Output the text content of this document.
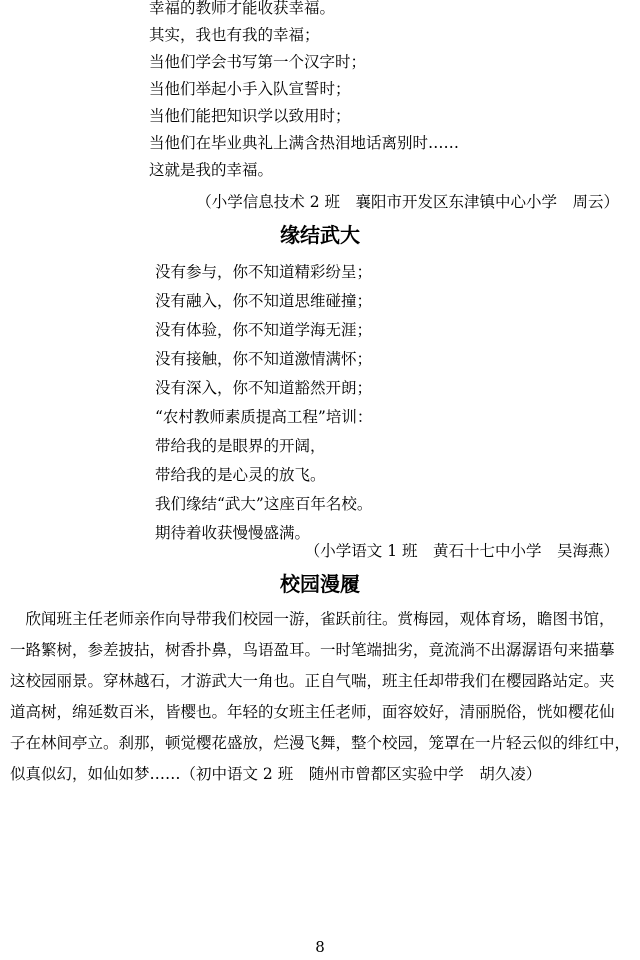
幸福的教师才能收获幸福。
其实，我也有我的幸福；
当他们学会书写第一个汉字时；
当他们举起小手入队宣誓时；
当他们能把知识学以致用时；
当他们在毕业典礼上满含热泪地话离别时……
这就是我的幸福。
（小学信息技术 2 班　襄阳市开发区东津镇中心小学　周云）
缘结武大
没有参与，你不知道精彩纷呈；
没有融入，你不知道思维碰撞；
没有体验，你不知道学海无涯；
没有接触，你不知道激情满怀；
没有深入，你不知道豁然开朗；
“农村教师素质提高工程”培训：
带给我的是眼界的开阔，
带给我的是心灵的放飞。
我们缘结“武大”这座百年名校。
期待着收获慢慢盛满。
（小学语文 1 班　黄石十七中小学　吴海燕）
校园漫履
　欣闻班主任老师亲作向导带我们校园一游，雀跃前往。赏梅园，观体育场，瞻图书馆，
一路繁树，参差披拈，树香扑鼻，鸟语盈耳。一时笔端拙劣，竟流淌不出潺潺语句来描摹
这校园丽景。穿林越石，才游武大一角也。正自气喘，班主任却带我们在樱园路站定。夹
道高树，绵延数百米，皆樱也。年轻的女班主任老师，面容姣好，清丽脱俗，恍如樱花仙
子在林间亭立。刹那，顿觉樱花盛放，烂漫飞舞，整个校园，笼罩在一片轻云似的绯红中，
似真似幻，如仙如梦……（初中语文 2 班　随州市曾都区实验中学　胡久凌）
8
